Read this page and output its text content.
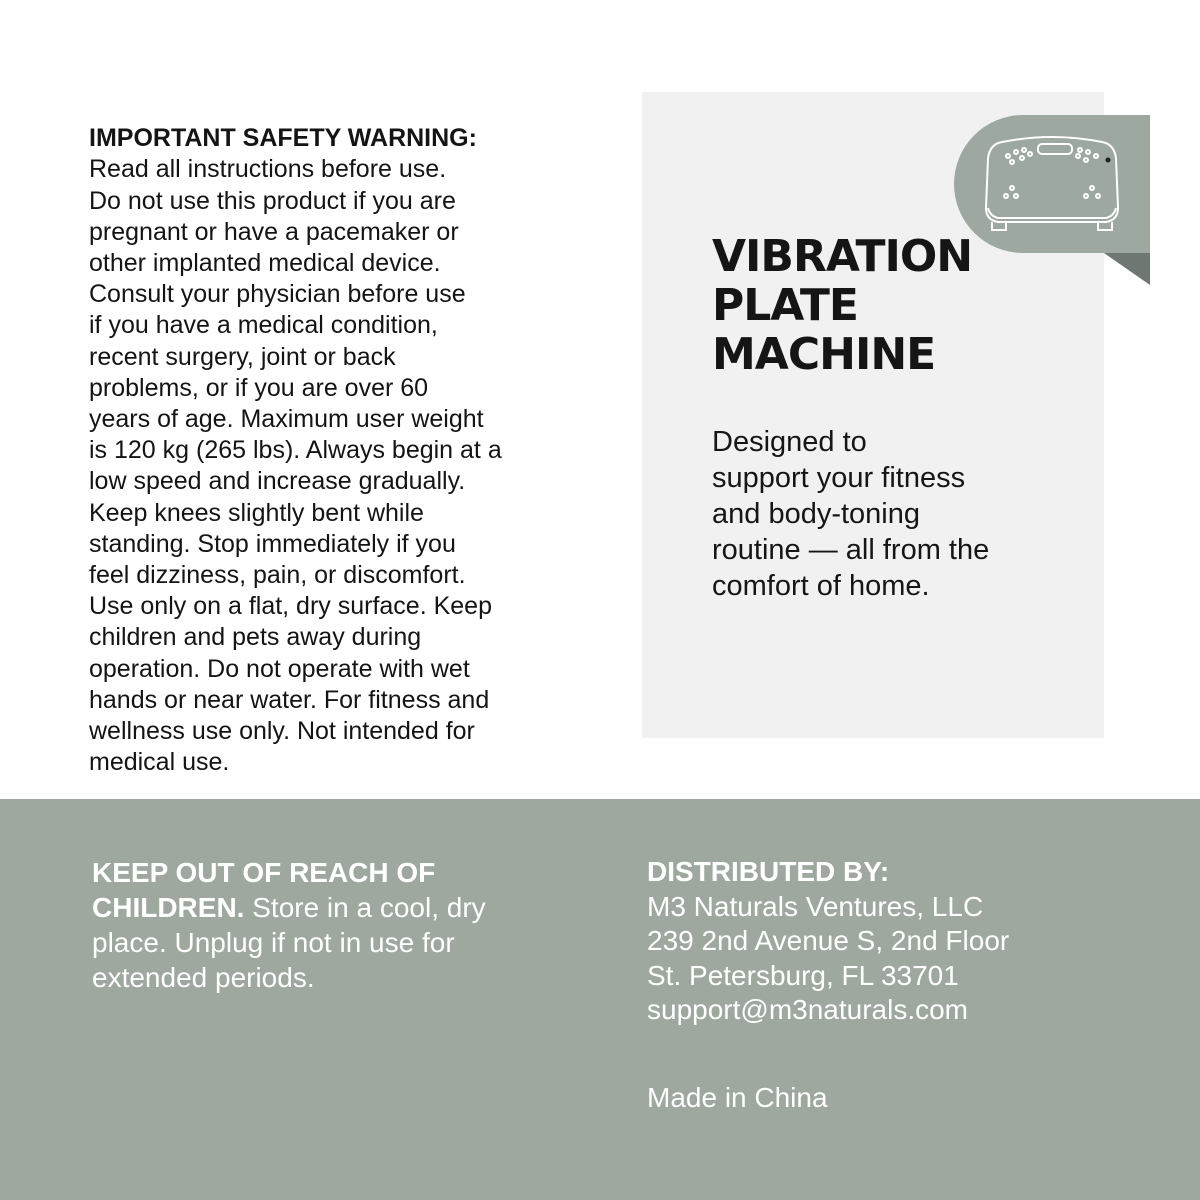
IMPORTANT SAFETY WARNING:
Read all instructions before use.
Do not use this product if you are
pregnant or have a pacemaker or
other implanted medical device.
Consult your physician before use
if you have a medical condition,
recent surgery, joint or back
problems, or if you are over 60
years of age. Maximum user weight
is 120 kg (265 lbs). Always begin at a
low speed and increase gradually.
Keep knees slightly bent while
standing. Stop immediately if you
feel dizziness, pain, or discomfort.
Use only on a flat, dry surface. Keep
children and pets away during
operation. Do not operate with wet
hands or near water. For fitness and
wellness use only. Not intended for
medical use.

VIBRATION
PLATE
MACHINE
Designed to
support your fitness
and body-toning
routine — all from the
comfort of home.
KEEP OUT OF REACH OF
CHILDREN. Store in a cool, dry
place. Unplug if not in use for
extended periods.
DISTRIBUTED BY:
M3 Naturals Ventures, LLC
239 2nd Avenue S, 2nd Floor
St. Petersburg, FL 33701
support@m3naturals.com
Made in China
